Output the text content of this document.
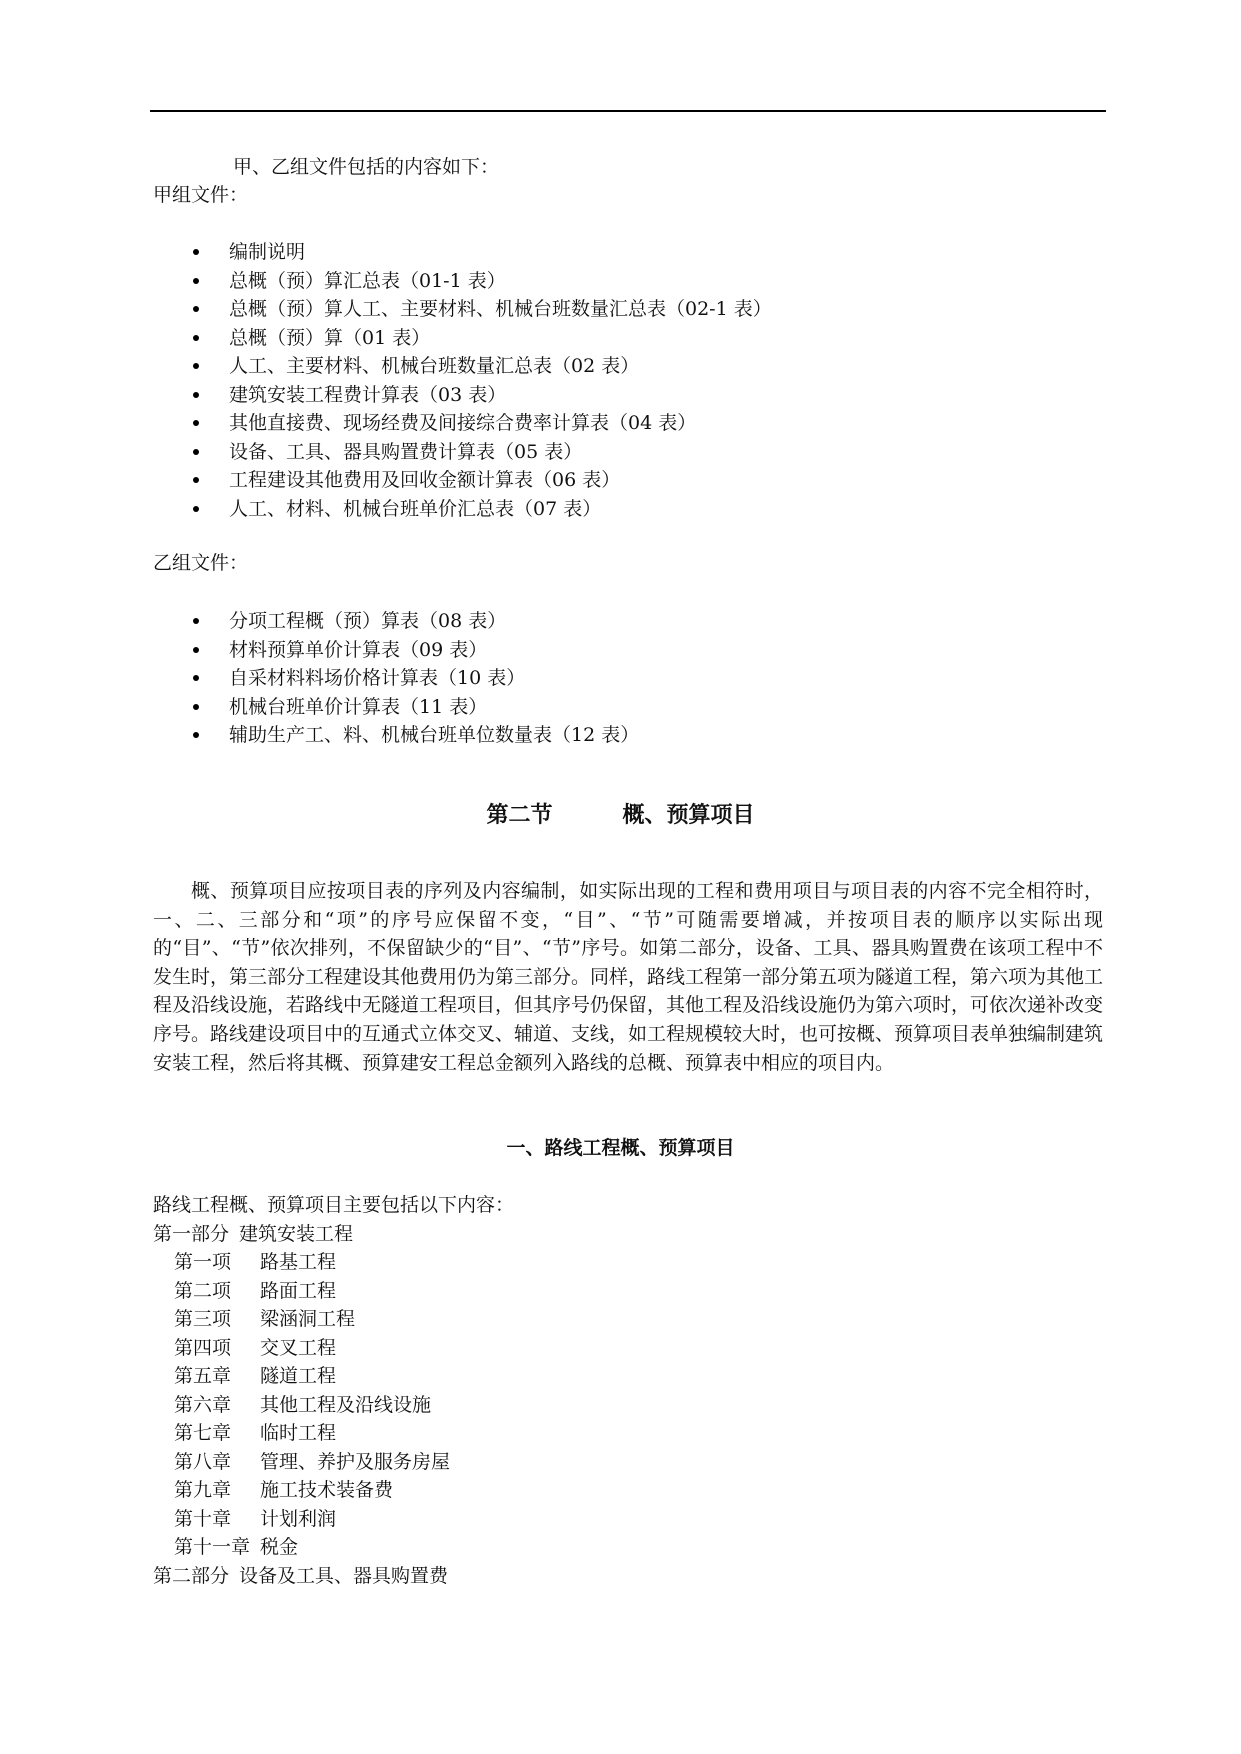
甲、乙组文件包括的内容如下：
甲组文件：
编制说明
总概（预）算汇总表（01-1 表）
总概（预）算人工、主要材料、机械台班数量汇总表（02-1 表）
总概（预）算（01 表）
人工、主要材料、机械台班数量汇总表（02 表）
建筑安装工程费计算表（03 表）
其他直接费、现场经费及间接综合费率计算表（04 表）
设备、工具、器具购置费计算表（05 表）
工程建设其他费用及回收金额计算表（06 表）
人工、材料、机械台班单价汇总表（07 表）
乙组文件：
分项工程概（预）算表（08 表）
材料预算单价计算表（09 表）
自采材料料场价格计算表（10 表）
机械台班单价计算表（11 表）
辅助生产工、料、机械台班单位数量表（12 表）
第二节	概、预算项目
概、预算项目应按项目表的序列及内容编制，如实际出现的工程和费用项目与项目表的内容不完全相符时，一、二、三部分和“项”的序号应保留不变，“目”、“节”可随需要增减，并按项目表的顺序以实际出现的“目”、“节”依次排列，不保留缺少的“目”、“节”序号。如第二部分，设备、工具、器具购置费在该项工程中不发生时，第三部分工程建设其他费用仍为第三部分。同样，路线工程第一部分第五项为隧道工程，第六项为其他工程及沿线设施，若路线中无隧道工程项目，但其序号仍保留，其他工程及沿线设施仍为第六项时，可依次递补改变序号。路线建设项目中的互通式立体交叉、辅道、支线，如工程规模较大时，也可按概、预算项目表单独编制建筑安装工程，然后将其概、预算建安工程总金额列入路线的总概、预算表中相应的项目内。
一、路线工程概、预算项目
路线工程概、预算项目主要包括以下内容：
第一部分 建筑安装工程
第一项 路基工程
第二项 路面工程
第三项 梁涵洞工程
第四项 交叉工程
第五章 隧道工程
第六章 其他工程及沿线设施
第七章 临时工程
第八章 管理、养护及服务房屋
第九章 施工技术装备费
第十章 计划利润
第十一章 税金
第二部分 设备及工具、器具购置费
